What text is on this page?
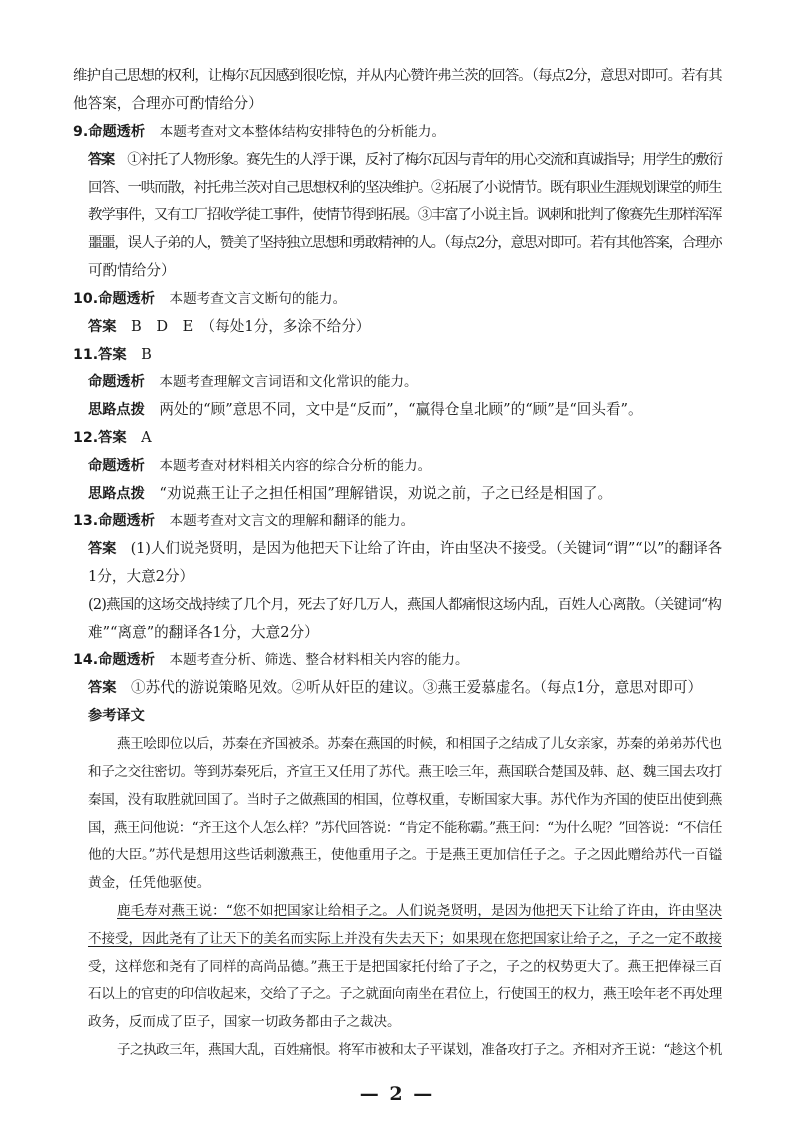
维护自己思想的权利，让梅尔瓦因感到很吃惊，并从内心赞许弗兰茨的回答。（每点2分，意思对即可。若有其
他答案，合理亦可酌情给分）
9.命题透析　 本题考查对文本整体结构安排特色的分析能力。
答案　 ①衬托了人物形象。赛先生的人浮于课，反衬了梅尔瓦因与青年的用心交流和真诚指导；用学生的敷衍
回答、一哄而散，衬托弗兰茨对自己思想权利的坚决维护。②拓展了小说情节。既有职业生涯规划课堂的师生
教学事件，又有工厂招收学徒工事件，使情节得到拓展。③丰富了小说主旨。讽刺和批判了像赛先生那样浑浑
噩噩，误人子弟的人，赞美了坚持独立思想和勇敢精神的人。（每点2分，意思对即可。若有其他答案，合理亦
可酌情给分）
10.命题透析　 本题考查文言文断句的能力。
答案　 B　D　E　（每处1分，多涂不给分）
11.答案　 B
命题透析　 本题考查理解文言词语和文化常识的能力。
思路点拨　 两处的“顾”意思不同，文中是“反而”，“赢得仓皇北顾”的“顾”是“回头看”。
12.答案　 A
命题透析　 本题考查对材料相关内容的综合分析的能力。
思路点拨　 “劝说燕王让子之担任相国”理解错误，劝说之前，子之已经是相国了。
13.命题透析　 本题考查对文言文的理解和翻译的能力。
答案　 (1)人们说尧贤明，是因为他把天下让给了许由，许由坚决不接受。（关键词“谓”“以”的翻译各
1分，大意2分）
(2)燕国的这场交战持续了几个月，死去了好几万人，燕国人都痛恨这场内乱，百姓人心离散。（关键词“构
难”“离意”的翻译各1分，大意2分）
14.命题透析　 本题考查分析、筛选、整合材料相关内容的能力。
答案　 ①苏代的游说策略见效。②听从奸臣的建议。③燕王爱慕虚名。（每点1分，意思对即可）
参考译文
燕王哙即位以后，苏秦在齐国被杀。苏秦在燕国的时候，和相国子之结成了儿女亲家，苏秦的弟弟苏代也
和子之交往密切。等到苏秦死后，齐宣王又任用了苏代。燕王哙三年，燕国联合楚国及韩、赵、魏三国去攻打
秦国，没有取胜就回国了。当时子之做燕国的相国，位尊权重，专断国家大事。苏代作为齐国的使臣出使到燕
国，燕王问他说：“齐王这个人怎么样？”苏代回答说：“肯定不能称霸。”燕王问：“为什么呢？”回答说：“不信任
他的大臣。”苏代是想用这些话刺激燕王，使他重用子之。于是燕王更加信任子之。子之因此赠给苏代一百镒
黄金，任凭他驱使。
鹿毛寿对燕王说：“您不如把国家让给相子之。人们说尧贤明，是因为他把天下让给了许由，许由坚决
不接受，因此尧有了让天下的美名而实际上并没有失去天下；如果现在您把国家让给子之，子之一定不敢接
受，这样您和尧有了同样的高尚品德。”燕王于是把国家托付给了子之，子之的权势更大了。燕王把俸禄三百
石以上的官吏的印信收起来，交给了子之。子之就面向南坐在君位上，行使国王的权力，燕王哙年老不再处理
政务，反而成了臣子，国家一切政务都由子之裁决。
子之执政三年，燕国大乱，百姓痛恨。将军市被和太子平谋划，准备攻打子之。齐相对齐王说：“趁这个机
— 2 —
